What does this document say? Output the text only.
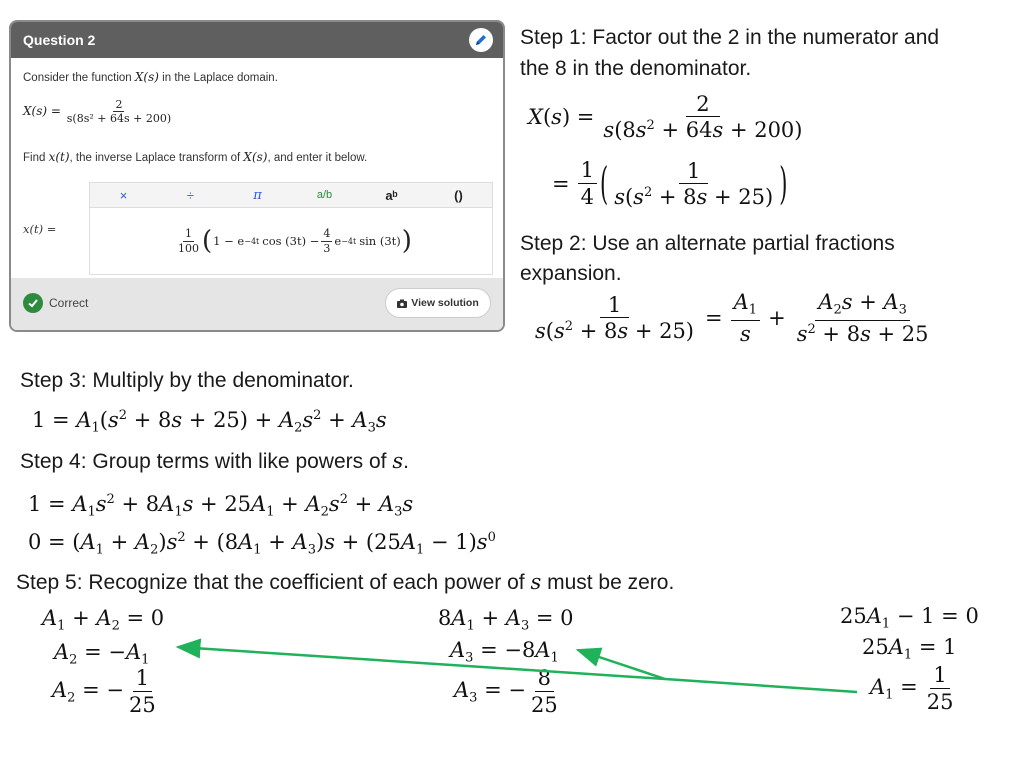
Question 2
Consider the function X(s) in the Laplace domain.
$X(s) = \frac{2}{\text{s(8s² + 64s + 200)}}$
Find x(t), the inverse Laplace transform of X(s), and enter it below.
×	÷	π	a/b	aᵇ	()
x(t) =	$\frac{1}{100}$ ( 1 − e −4t $\cos (3t) - \frac{4}{3}$ e −4t sin (3t) )
Correct	View solution
Step 1: Factor out the 2 in the numerator and
the 8 in the denominator.
$X(s) = \frac{2}{s(8s^2 + 64s + 200)}$
= $\frac{1}{4}$ ( $\frac{1}{s(s^2 + 8s + 25)}$ )
Step 2: Use an alternate partial fractions
expansion.
$\frac{1}{s(s^2 + 8s + 25)} = \frac{A_1}{s} + \frac{A_2s + A_3}{s^2 + 8s + 25}$
Step 3: Multiply by the denominator.
$1 = A_1(s^2 + 8s + 25) + A_2s^2 + A_3s$
Step 4: Group terms with like powers of s.
$1 = A_1s^2 + 8A_1s + 25A_1 + A_2s^2 + A_3s$
$0 = (A_1 + A_2)s^2 + (8A_1 + A_3)s + (25A_1 - 1)s^0$
Step 5: Recognize that the coefficient of each power of s must be zero.
$A_1 + A_2 = 0$
$A_2 = -A_1$
$A_2$ = − $\frac{1}{25}$
$8A_1 + A_3 = 0$
$A_3 = -8A_1$
$A_3$ = − $\frac{8}{25}$
$25A_1 - 1 = 0$
$25A_1 = 1$
$A_1 = \frac{1}{25}$
